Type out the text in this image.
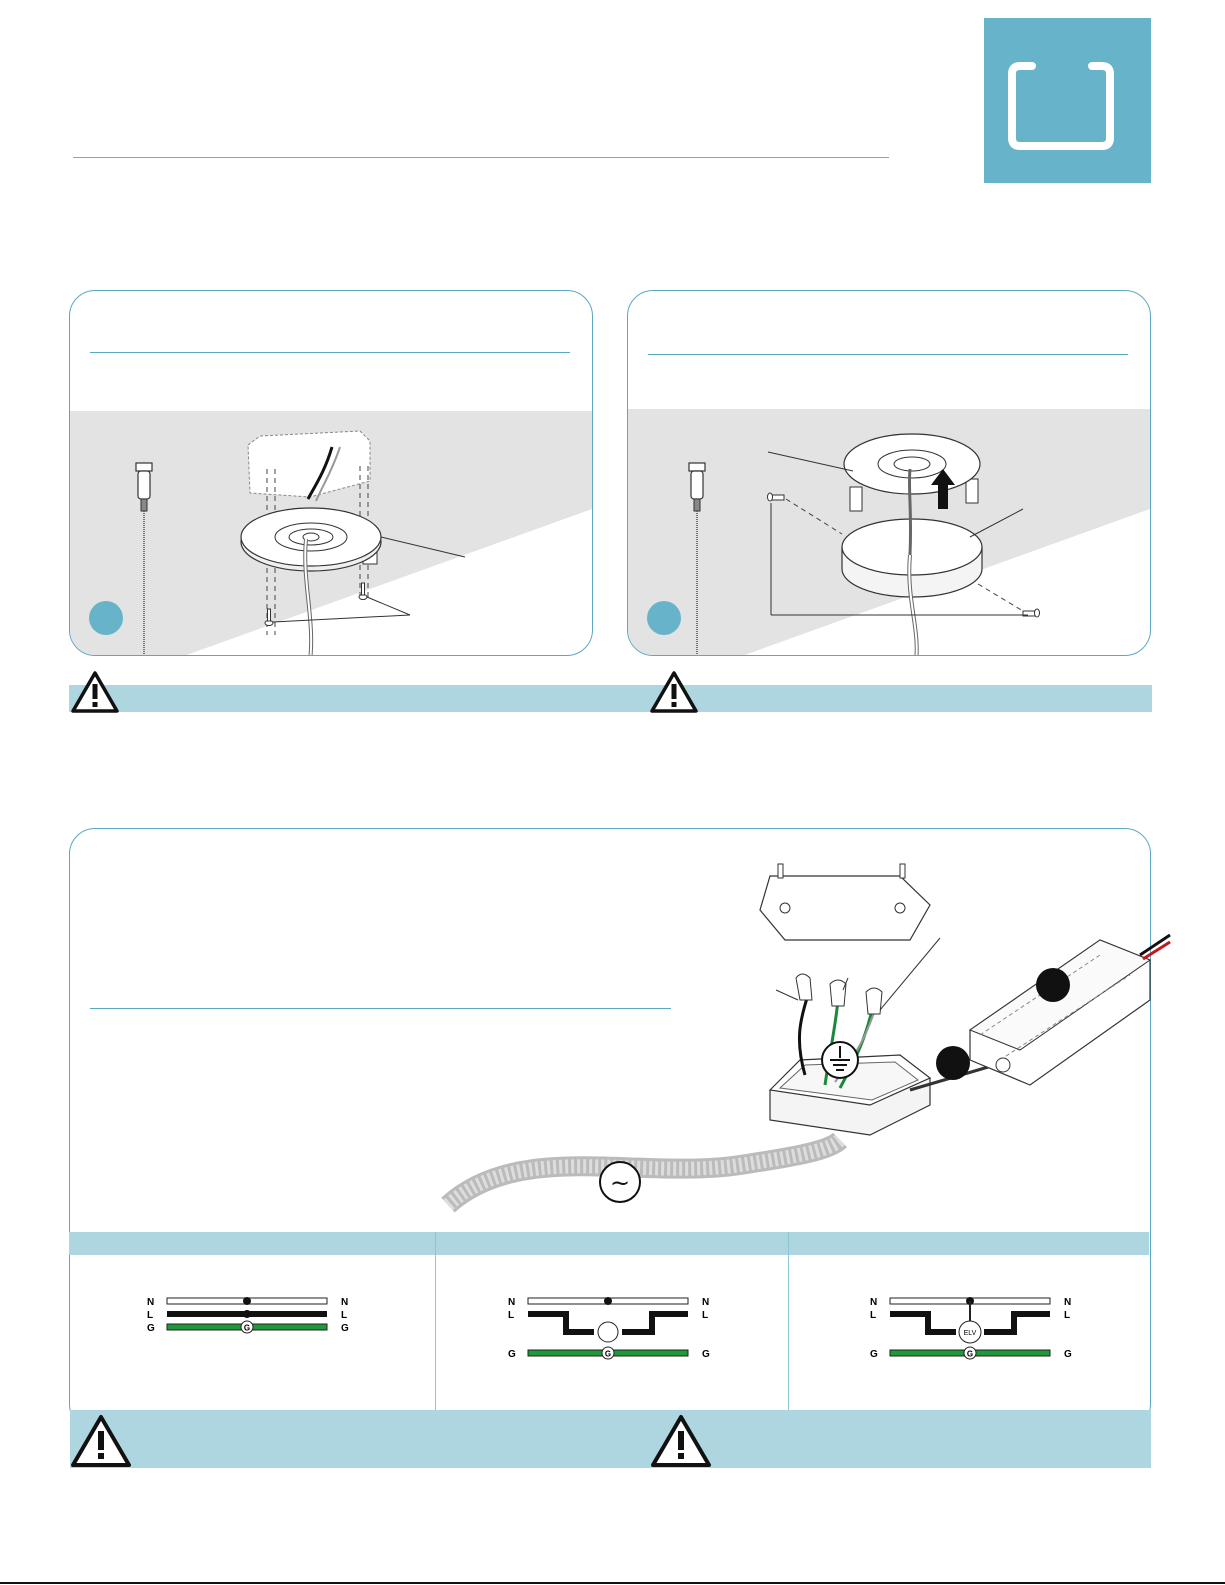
~
N
L
G
N
L
G
G
N
L
G
N
L
G
G
N
L
G
N
L
G
ELV
G
